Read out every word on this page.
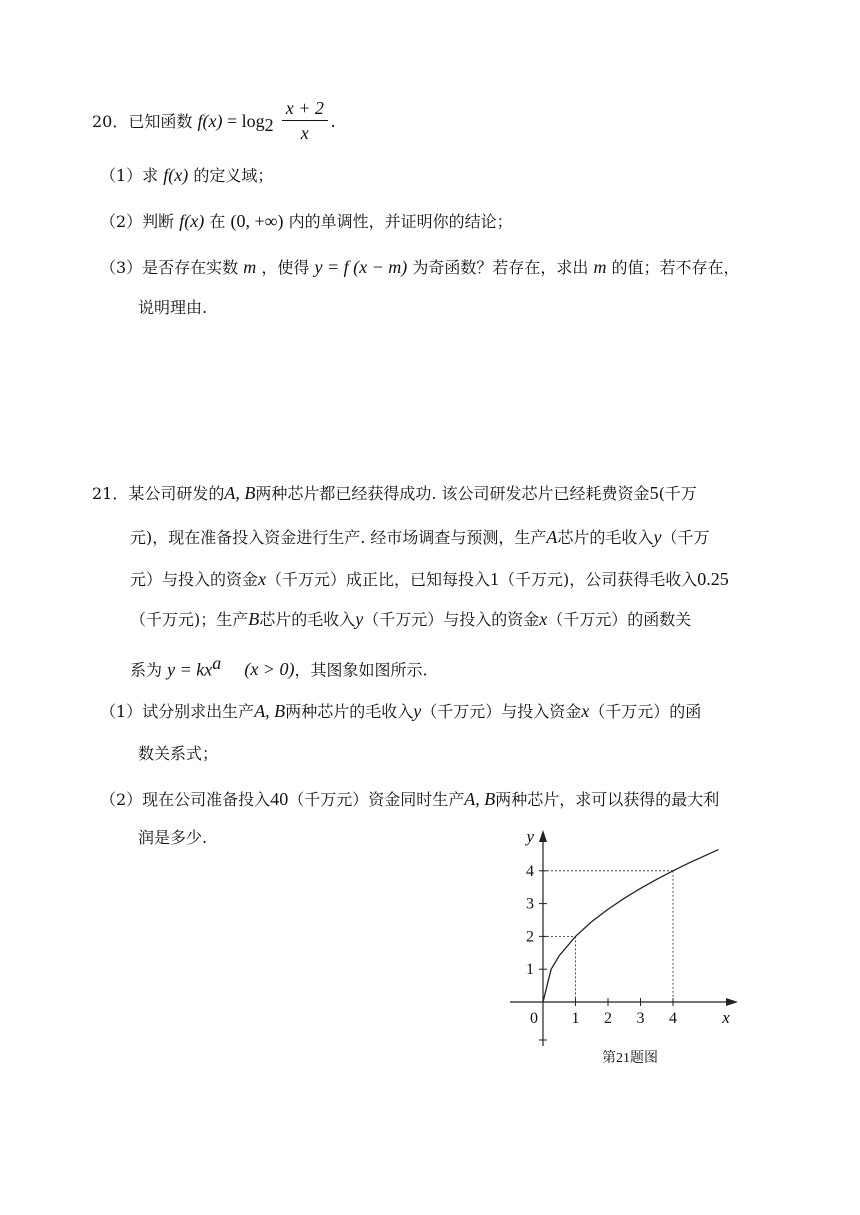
20．已知函数 $f(x) = \log_2 \frac{x + 2}{x}$ .
（1）求 f(x) 的定义域；
（2）判断 f(x) 在 (0, +∞) 内的单调性，并证明你的结论；
（3）是否存在实数 m ，使得 y = f (x − m) 为奇函数？若存在，求出 m 的值；若不存在，
说明理由.
21．某公司研发的A, B两种芯片都已经获得成功. 该公司研发芯片已经耗费资金5(千万
元)，现在准备投入资金进行生产. 经市场调查与预测，生产A芯片的毛收入y（千万
元）与投入的资金x（千万元）成正比，已知每投入1（千万元)，公司获得毛收入0.25
（千万元)；生产B芯片的毛收入y（千万元）与投入的资金x（千万元）的函数关
系为 $y = kx^a$ (x > 0)，其图象如图所示.
（1）试分别求出生产A, B两种芯片的毛收入y（千万元）与投入资金x（千万元）的函
数关系式；
（2）现在公司准备投入40（千万元）资金同时生产A, B两种芯片，求可以获得的最大利
润是多少.
1 2 3 4
1
2
3
4
y
x
0
第21题图
